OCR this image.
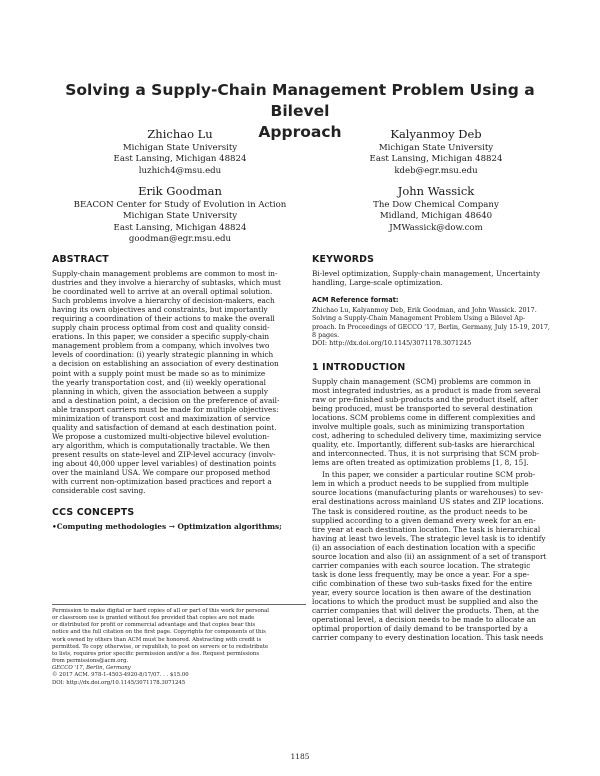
Solving a Supply-Chain Management Problem Using a Bilevel
Approach
Zhichao Lu
Michigan State University
East Lansing, Michigan 48824
luzhich4@msu.edu
Kalyanmoy Deb
Michigan State University
East Lansing, Michigan 48824
kdeb@egr.msu.edu
Erik Goodman
BEACON Center for Study of Evolution in Action
Michigan State University
East Lansing, Michigan 48824
goodman@egr.msu.edu
John Wassick
The Dow Chemical Company
Midland, Michigan 48640
JMWassick@dow.com
ABSTRACT
Supply-chain management problems are common to most in-
dustries and they involve a hierarchy of subtasks, which must
be coordinated well to arrive at an overall optimal solution.
Such problems involve a hierarchy of decision-makers, each
having its own objectives and constraints, but importantly
requiring a coordination of their actions to make the overall
supply chain process optimal from cost and quality consid-
erations. In this paper, we consider a specific supply-chain
management problem from a company, which involves two
levels of coordination: (i) yearly strategic planning in which
a decision on establishing an association of every destination
point with a supply point must be made so as to minimize
the yearly transportation cost, and (ii) weekly operational
planning in which, given the association between a supply
and a destination point, a decision on the preference of avail-
able transport carriers must be made for multiple objectives:
minimization of transport cost and maximization of service
quality and satisfaction of demand at each destination point.
We propose a customized multi-objective bilevel evolution-
ary algorithm, which is computationally tractable. We then
present results on state-level and ZIP-level accuracy (involv-
ing about 40,000 upper level variables) of destination points
over the mainland USA. We compare our proposed method
with current non-optimization based practices and report a
considerable cost saving.
CCS CONCEPTS
•Computing methodologies → Optimization algorithms;
Permission to make digital or hard copies of all or part of this work for personal
or classroom use is granted without fee provided that copies are not made
or distributed for profit or commercial advantage and that copies bear this
notice and the full citation on the first page. Copyrights for components of this
work owned by others than ACM must be honored. Abstracting with credit is
permitted. To copy otherwise, or republish, to post on servers or to redistribute
to lists, requires prior specific permission and/or a fee. Request permissions
from permissions@acm.org.
GECCO '17, Berlin, Germany
© 2017 ACM. 978-1-4503-4920-8/17/07. . . $15.00
DOI: http://dx.doi.org/10.1145/3071178.3071245
KEYWORDS
Bi-level optimization, Supply-chain management, Uncertainty
handling, Large-scale optimization.
ACM Reference format:
Zhichao Lu, Kalyanmoy Deb, Erik Goodman, and John Wassick. 2017.
Solving a Supply-Chain Management Problem Using a Bilevel Ap-
proach. In Proceedings of GECCO '17, Berlin, Germany, July 15-19, 2017,
8 pages.
DOI: http://dx.doi.org/10.1145/3071178.3071245
1 INTRODUCTION
Supply chain management (SCM) problems are common in
most integrated industries, as a product is made from several
raw or pre-finished sub-products and the product itself, after
being produced, must be transported to several destination
locations. SCM problems come in different complexities and
involve multiple goals, such as minimizing transportation
cost, adhering to scheduled delivery time, maximizing service
quality, etc. Importantly, different sub-tasks are hierarchical
and interconnected. Thus, it is not surprising that SCM prob-
lems are often treated as optimization problems [1, 8, 15].
In this paper, we consider a particular routine SCM prob-
lem in which a product needs to be supplied from multiple
source locations (manufacturing plants or warehouses) to sev-
eral destinations across mainland US states and ZIP locations.
The task is considered routine, as the product needs to be
supplied according to a given demand every week for an en-
tire year at each destination location. The task is hierarchical
having at least two levels. The strategic level task is to identify
(i) an association of each destination location with a specific
source location and also (ii) an assignment of a set of transport
carrier companies with each source location. The strategic
task is done less frequently, may be once a year. For a spe-
cific combination of these two sub-tasks fixed for the entire
year, every source location is then aware of the destination
locations to which the product must be supplied and also the
carrier companies that will deliver the products. Then, at the
operational level, a decision needs to be made to allocate an
optimal proportion of daily demand to be transported by a
carrier company to every destination location. This task needs
1185
